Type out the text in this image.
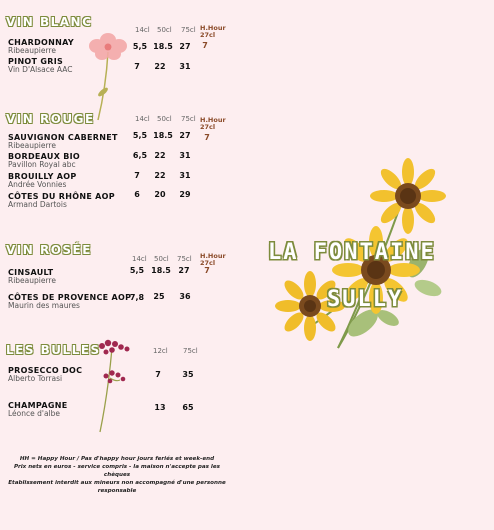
VIN BLANC
14cl 50cl 75cl H.Hour
27cl
CHARDONNAY
Ribeaupierre	5,5 18.5 27	7
PINOT GRIS
Vin D'Alsace AAC	7	22	31
VIN ROUGE	14cl 50cl 75cl H.Hour
27cl
SAUVIGNON CABERNET
Ribeaupierre
5,5 18.5 27	7
BORDEAUX BIO
Pavillon Royal abc
6,5 22	31
BROUILLY AOP
Andrée Vonnies
7	22	31
CÔTES DU RHÔNE AOP
Armand Dartois
6	20	29
VIN ROSÉE
14cl 50cl 75cl H.Hour
27cl
CINSAULT
Ribeaupierre
5,5 18.5 27	7
CÔTES DE PROVENCE AOP
Maurin des maures
7,8	25	36
LES BULLES	12cl 75cl
PROSECCO DOC
Alberto Torrasi	7	35
CHAMPAGNE
Léonce d'albe
13	65
LA FONTAINE
SULLY
HH = Happy Hour / Pas d'happy hour jours feriés et week-end
Prix nets en euros - service compris - la maison n'accepte pas les
chèques
Etablissement interdit aux mineurs non accompagné d'une personne
responsable
